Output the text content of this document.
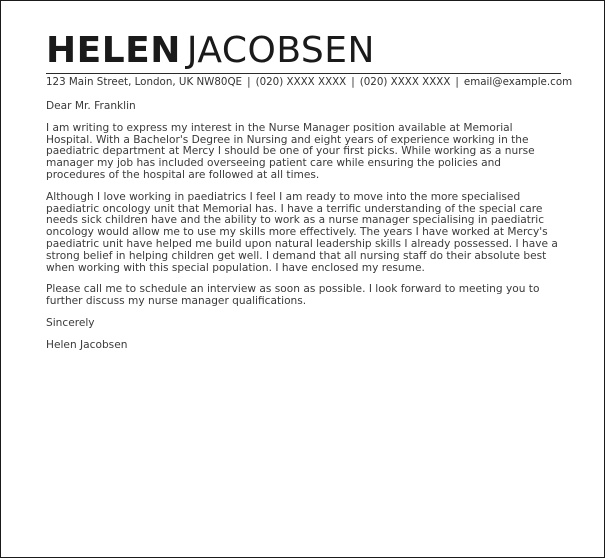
HELEN JACOBSEN
123 Main Street, London, UK NW80QE | (020) XXXX XXXX | (020) XXXX XXXX | email@example.com

Dear Mr. Franklin

I am writing to express my interest in the Nurse Manager position available at Memorial Hospital. With a Bachelor's Degree in Nursing and eight years of experience working in the paediatric department at Mercy I should be one of your first picks. While working as a nurse manager my job has included overseeing patient care while ensuring the policies and procedures of the hospital are followed at all times.

Although I love working in paediatrics I feel I am ready to move into the more specialised paediatric oncology unit that Memorial has. I have a terrific understanding of the special care needs sick children have and the ability to work as a nurse manager specialising in paediatric oncology would allow me to use my skills more effectively. The years I have worked at Mercy's paediatric unit have helped me build upon natural leadership skills I already possessed. I have a strong belief in helping children get well. I demand that all nursing staff do their absolute best when working with this special population. I have enclosed my resume.

Please call me to schedule an interview as soon as possible. I look forward to meeting you to further discuss my nurse manager qualifications.

Sincerely

Helen Jacobsen
